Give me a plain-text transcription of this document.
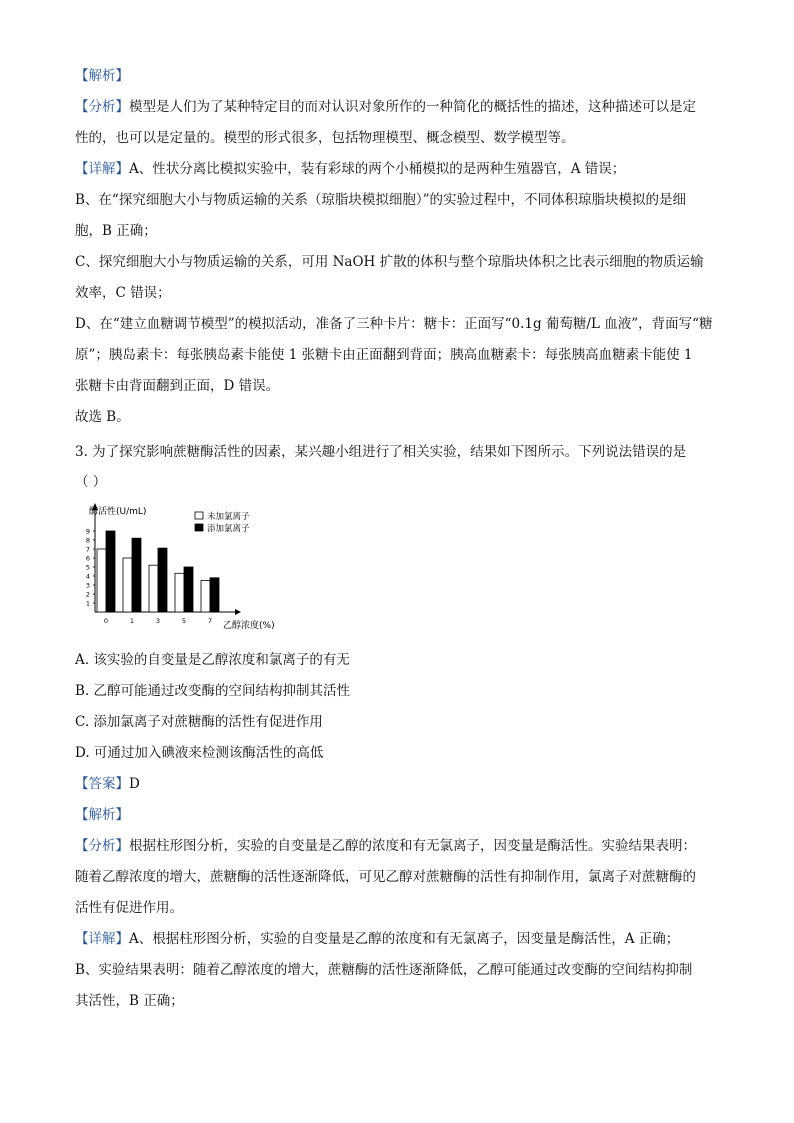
【解析】
【分析】模型是人们为了某种特定目的而对认识对象所作的一种简化的概括性的描述，这种描述可以是定
性的，也可以是定量的。模型的形式很多，包括物理模型、概念模型、数学模型等。
【详解】A、性状分离比模拟实验中，装有彩球的两个小桶模拟的是两种生殖器官，A 错误；
B、在“探究细胞大小与物质运输的关系（琼脂块模拟细胞）”的实验过程中，不同体积琼脂块模拟的是细
胞，B 正确；
C、探究细胞大小与物质运输的关系，可用 NaOH 扩散的体积与整个琼脂块体积之比表示细胞的物质运输
效率，C 错误；
D、在“建立血糖调节模型”的模拟活动，准备了三种卡片：糖卡：正面写“0.1g 葡萄糖/L 血液”，背面写“糖
原”；胰岛素卡：每张胰岛素卡能使 1 张糖卡由正面翻到背面；胰高血糖素卡：每张胰高血糖素卡能使 1
张糖卡由背面翻到正面，D 错误。
故选 B。
3. 为了探究影响蔗糖酶活性的因素，某兴趣小组进行了相关实验，结果如下图所示。下列说法错误的是
（ ）
A. 该实验的自变量是乙醇浓度和氯离子的有无
B. 乙醇可能通过改变酶的空间结构抑制其活性
C. 添加氯离子对蔗糖酶的活性有促进作用
D. 可通过加入碘液来检测该酶活性的高低
【答案】D
【解析】
【分析】根据柱形图分析，实验的自变量是乙醇的浓度和有无氯离子，因变量是酶活性。实验结果表明：
随着乙醇浓度的增大，蔗糖酶的活性逐渐降低，可见乙醇对蔗糖酶的活性有抑制作用，氯离子对蔗糖酶的
活性有促进作用。
【详解】A、根据柱形图分析，实验的自变量是乙醇的浓度和有无氯离子，因变量是酶活性，A 正确；
B、实验结果表明：随着乙醇浓度的增大，蔗糖酶的活性逐渐降低，乙醇可能通过改变酶的空间结构抑制
其活性，B 正确；
酶活性(U/mL)
1
2
3
4
5
6
7
8
9
0	1	3	5	7 乙醇浓度(%)
未加氯离子
添加氯离子
